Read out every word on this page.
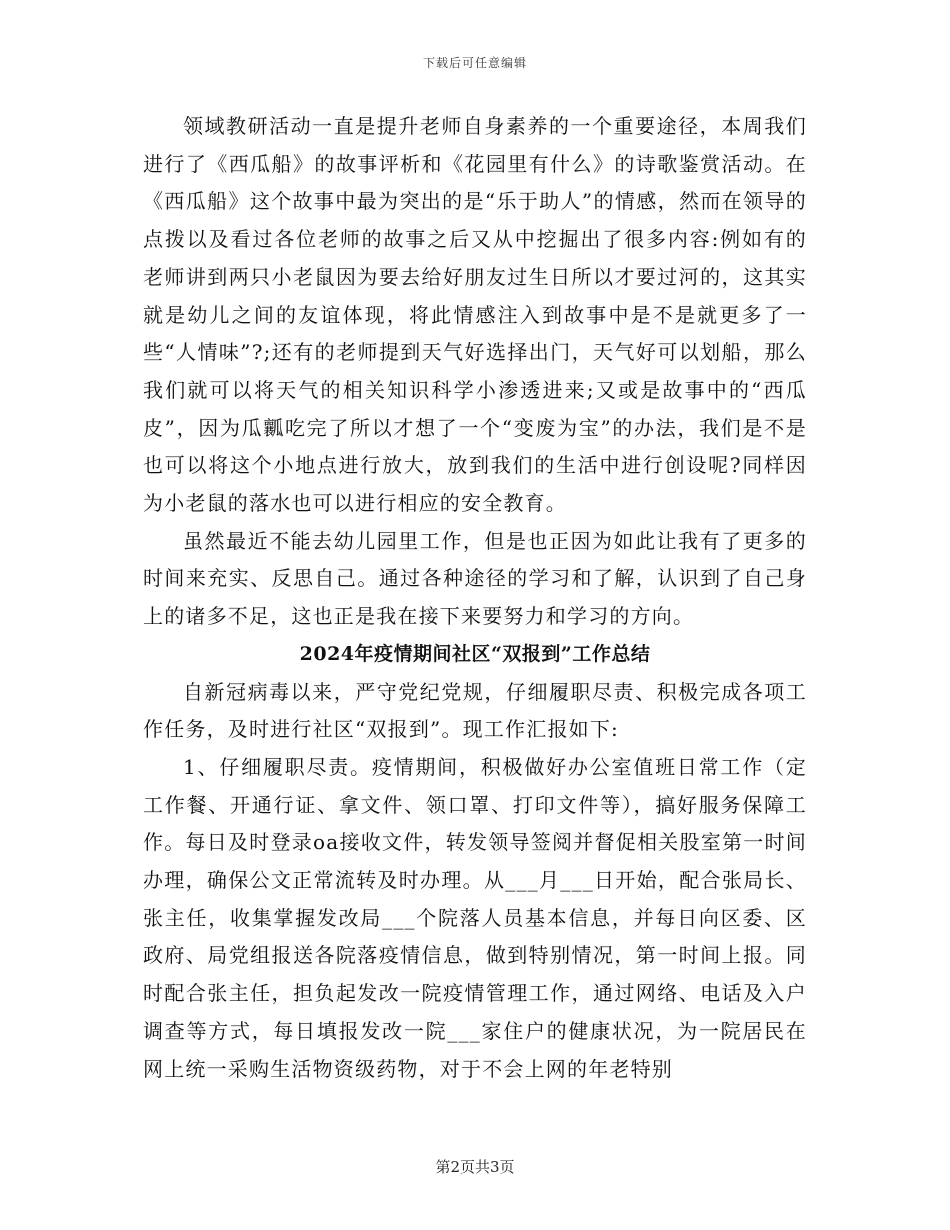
下载后可任意编辑

领域教研活动一直是提升老师自身素养的一个重要途径，本周我们进行了《西瓜船》的故事评析和《花园里有什么》的诗歌鉴赏活动。在《西瓜船》这个故事中最为突出的是“乐于助人”的情感，然而在领导的点拨以及看过各位老师的故事之后又从中挖掘出了很多内容:例如有的老师讲到两只小老鼠因为要去给好朋友过生日所以才要过河的，这其实就是幼儿之间的友谊体现，将此情感注入到故事中是不是就更多了一些“人情味”?;还有的老师提到天气好选择出门，天气好可以划船，那么我们就可以将天气的相关知识科学小渗透进来;又或是故事中的“西瓜皮”，因为瓜瓤吃完了所以才想了一个“变废为宝”的办法，我们是不是也可以将这个小地点进行放大，放到我们的生活中进行创设呢?同样因为小老鼠的落水也可以进行相应的安全教育。

虽然最近不能去幼儿园里工作，但是也正因为如此让我有了更多的时间来充实、反思自己。通过各种途径的学习和了解，认识到了自己身上的诸多不足，这也正是我在接下来要努力和学习的方向。

2024年疫情期间社区“双报到”工作总结

自新冠病毒以来，严守党纪党规，仔细履职尽责、积极完成各项工作任务，及时进行社区“双报到”。现工作汇报如下:

1、仔细履职尽责。疫情期间，积极做好办公室值班日常工作（定工作餐、开通行证、拿文件、领口罩、打印文件等），搞好服务保障工作。每日及时登录oa接收文件，转发领导签阅并督促相关股室第一时间办理，确保公文正常流转及时办理。从___月___日开始，配合张局长、张主任，收集掌握发改局___个院落人员基本信息，并每日向区委、区政府、局党组报送各院落疫情信息，做到特别情况，第一时间上报。同时配合张主任，担负起发改一院疫情管理工作，通过网络、电话及入户调查等方式，每日填报发改一院___家住户的健康状况，为一院居民在网上统一采购生活物资级药物，对于不会上网的年老特别

第2页共3页
